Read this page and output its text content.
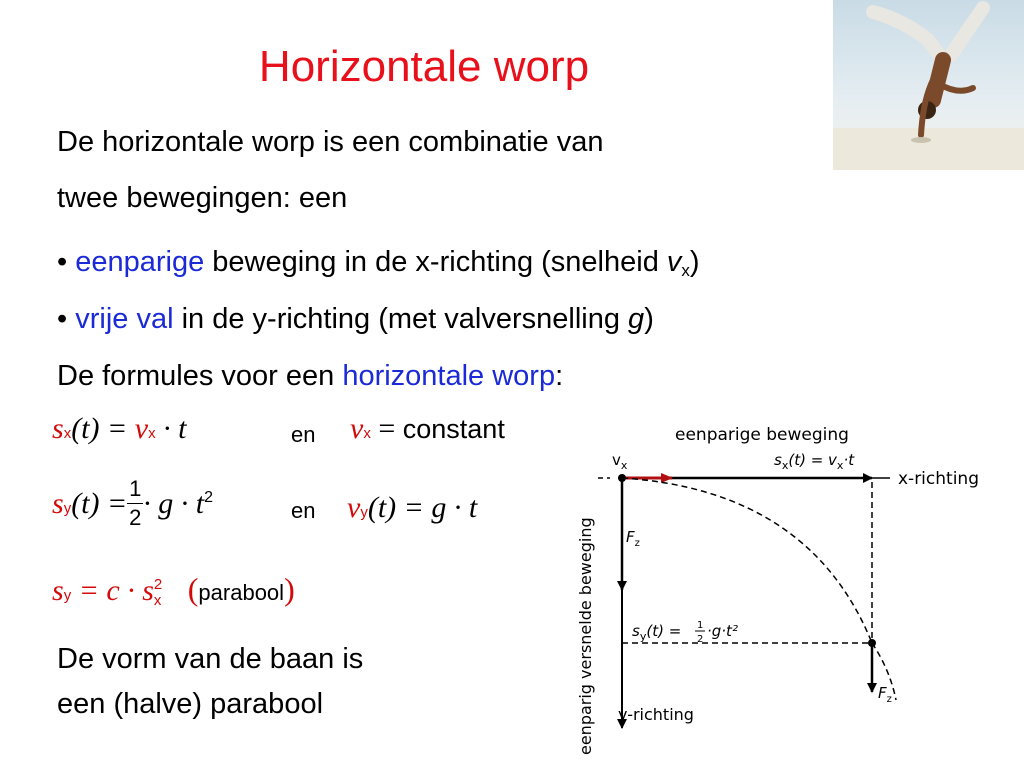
Horizontale worp
De horizontale worp is een combinatie van
twee bewegingen: een
• eenparige beweging in de x-richting (snelheid vx)
• vrije val in de y-richting (met valversnelling g)
De formules voor een horizontale worp:
sx(t) = vx · t	en vx = constant
$sy(t) = \frac{1}{2} \cdot g \cdot t^2$
en vy(t) = g · t
sy = c · s 2
x (parabool)
De vorm van de baan is
een (halve) parabool
eenparige beweging
$v_x$	$s_x(t) = v_x\cdot t$
x-richting
$F_z$
$F_z$
$s_y(t) = 1$
2 ·g·t²
y-richting
eenparig versnelde beweging
